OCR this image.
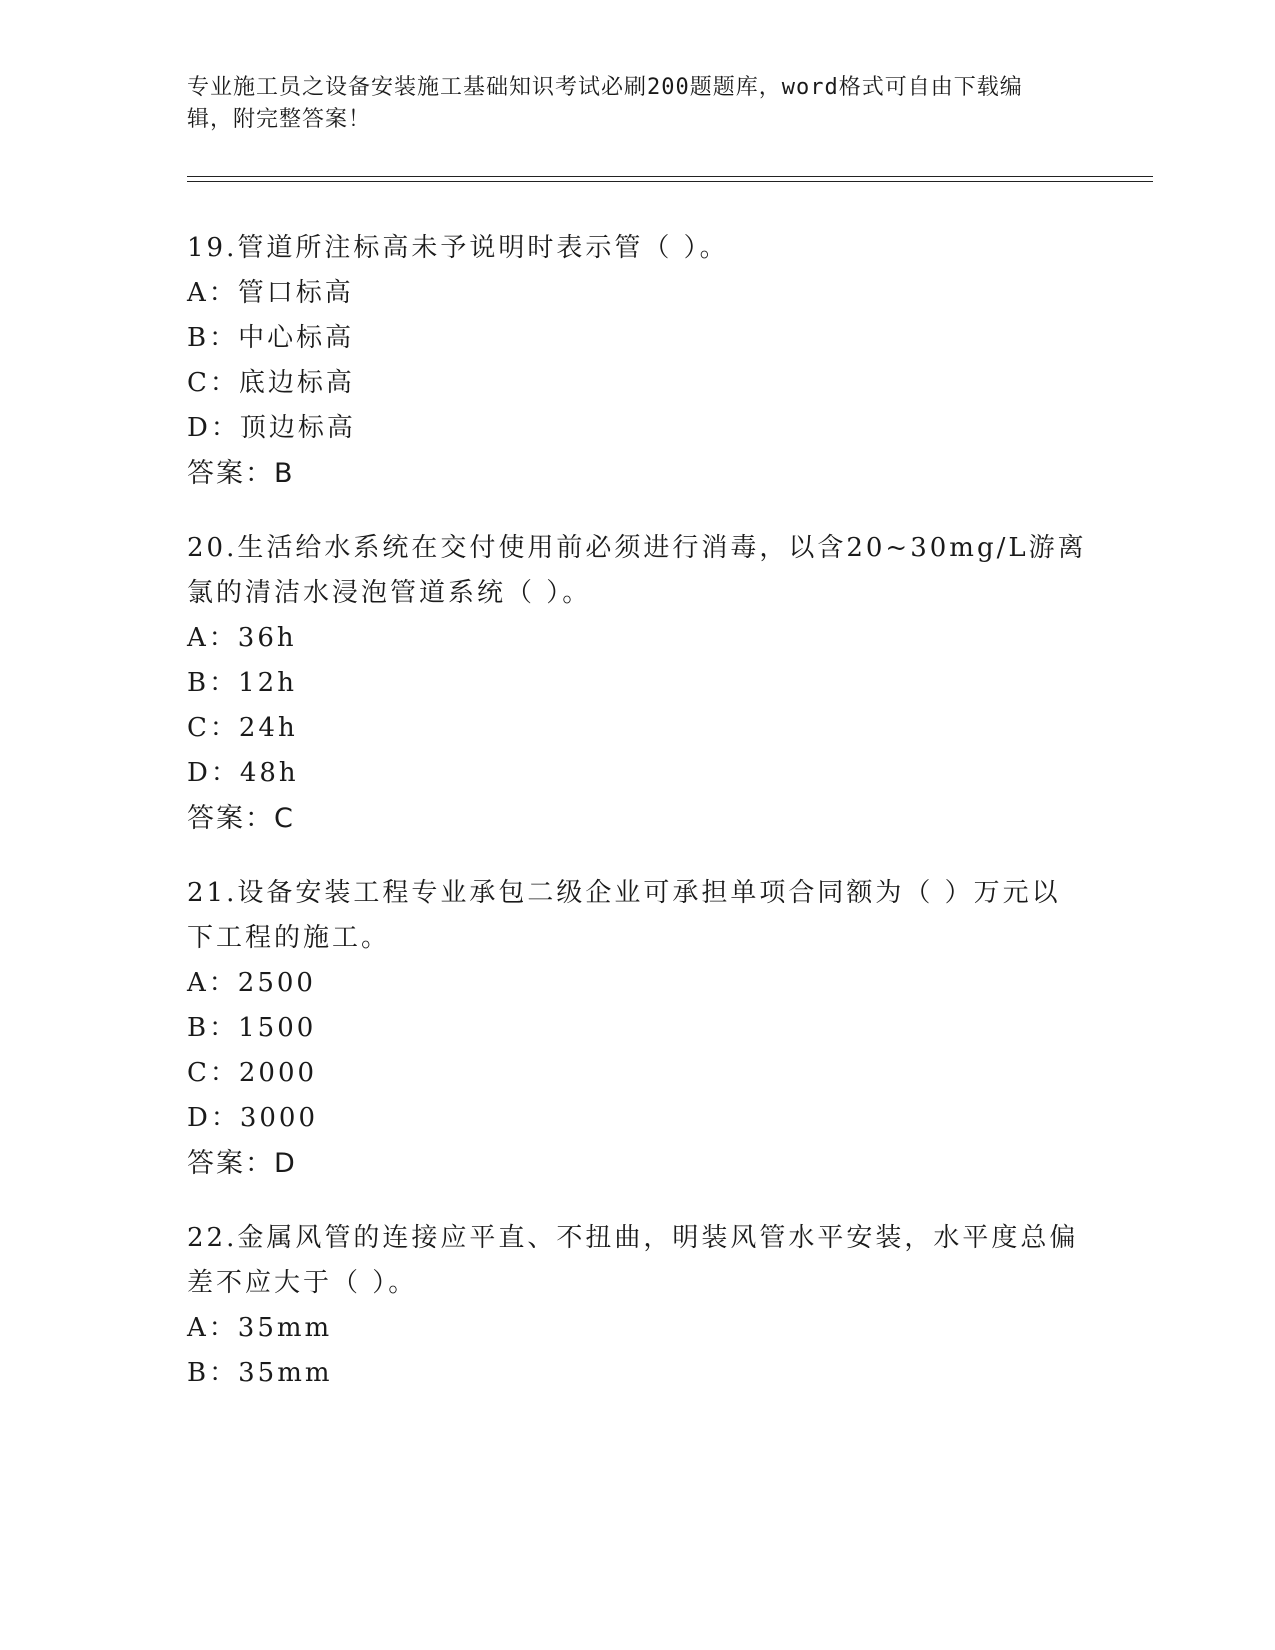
专业施工员之设备安装施工基础知识考试必刷200题题库，word格式可自由下载编辑，附完整答案！

19.管道所注标高未予说明时表示管（ ）。

A：管口标高

B：中心标高

C：底边标高

D：顶边标高

答案：B

20.生活给水系统在交付使用前必须进行消毒，以含20~30mg/L游离氯的清洁水浸泡管道系统（ ）。

A：36h

B：12h

C：24h

D：48h

答案：C

21.设备安装工程专业承包二级企业可承担单项合同额为（ ）万元以下工程的施工。

A：2500

B：1500

C：2000

D：3000

答案：D

22.金属风管的连接应平直、不扭曲，明装风管水平安装，水平度总偏差不应大于（ ）。

A：35mm

B：35mm
